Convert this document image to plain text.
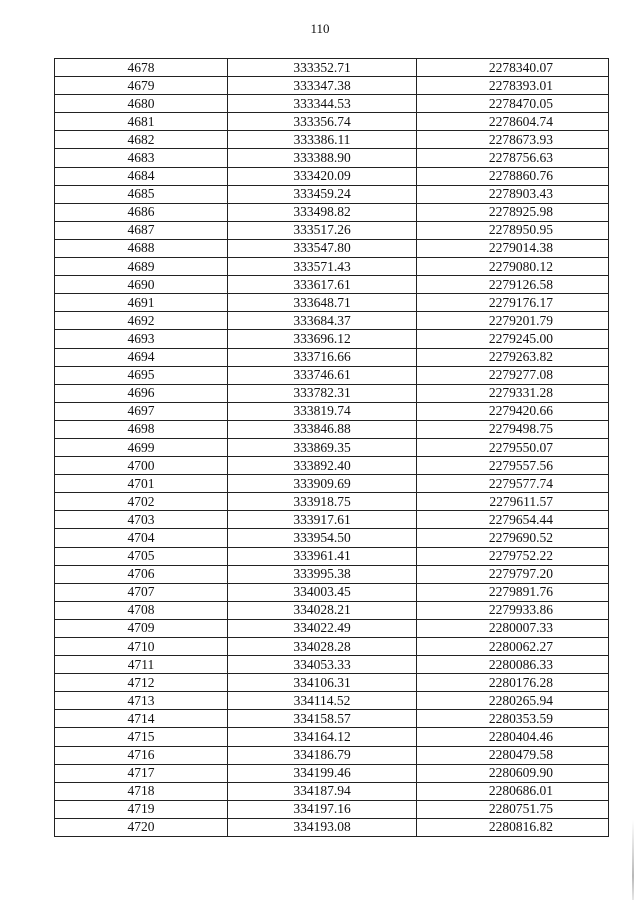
110
4678	333352.71	2278340.07
4679	333347.38	2278393.01
4680	333344.53	2278470.05
4681	333356.74	2278604.74
4682	333386.11	2278673.93
4683	333388.90	2278756.63
4684	333420.09	2278860.76
4685	333459.24	2278903.43
4686	333498.82	2278925.98
4687	333517.26	2278950.95
4688	333547.80	2279014.38
4689	333571.43	2279080.12
4690	333617.61	2279126.58
4691	333648.71	2279176.17
4692	333684.37	2279201.79
4693	333696.12	2279245.00
4694	333716.66	2279263.82
4695	333746.61	2279277.08
4696	333782.31	2279331.28
4697	333819.74	2279420.66
4698	333846.88	2279498.75
4699	333869.35	2279550.07
4700	333892.40	2279557.56
4701	333909.69	2279577.74
4702	333918.75	2279611.57
4703	333917.61	2279654.44
4704	333954.50	2279690.52
4705	333961.41	2279752.22
4706	333995.38	2279797.20
4707	334003.45	2279891.76
4708	334028.21	2279933.86
4709	334022.49	2280007.33
4710	334028.28	2280062.27
4711	334053.33	2280086.33
4712	334106.31	2280176.28
4713	334114.52	2280265.94
4714	334158.57	2280353.59
4715	334164.12	2280404.46
4716	334186.79	2280479.58
4717	334199.46	2280609.90
4718	334187.94	2280686.01
4719	334197.16	2280751.75
4720	334193.08	2280816.82
